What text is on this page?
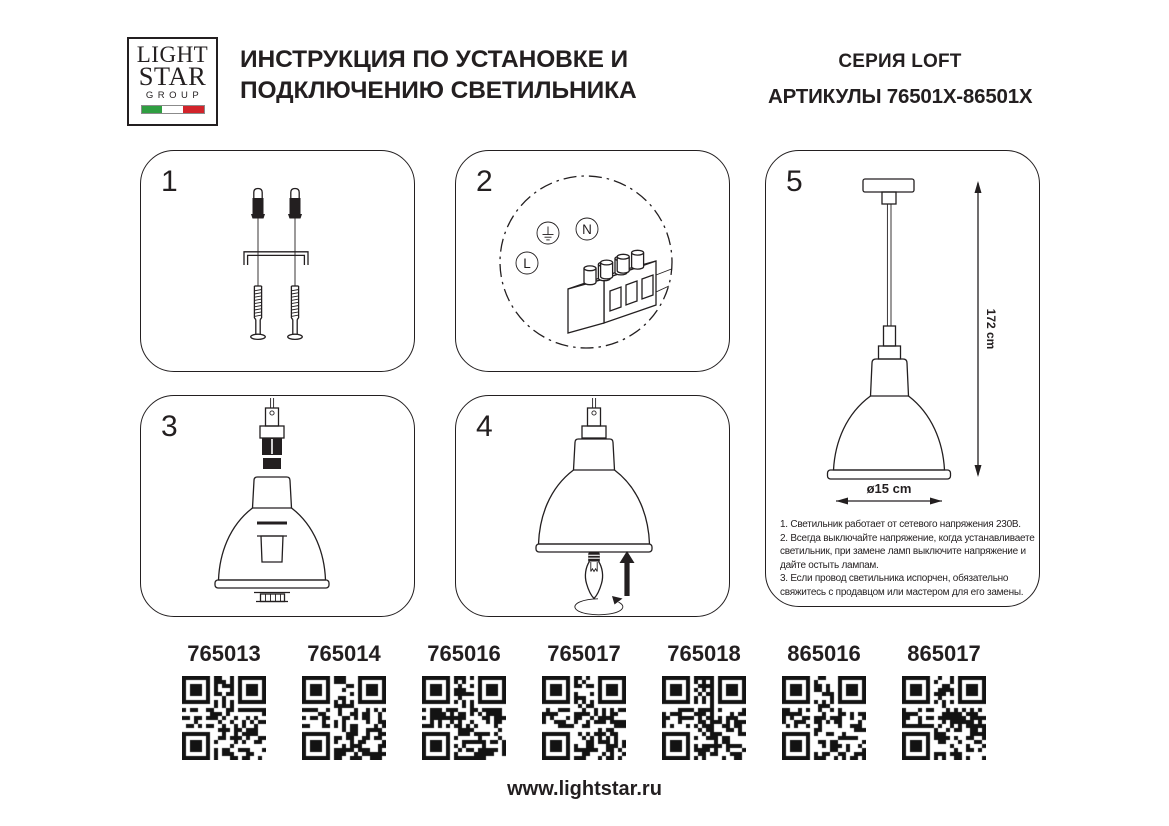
LIGHT
STAR
GROUP
ИНСТРУКЦИЯ ПО УСТАНОВКЕ И
ПОДКЛЮЧЕНИЮ СВЕТИЛЬНИКА
СЕРИЯ LOFT
АРТИКУЛЫ 76501X-86501X
1	2
N
L
3	4
5
172 cm
ø15 cm
1. Светильник работает от сетевого напряжения 230В.
2. Всегда выключайте напряжение, когда устанавливаете светильник, при замене ламп выключите напряжение и дайте остыть лампам.
3. Если провод светильника испорчен, обязательно свяжитесь с продавцом или мастером для его замены.
765013 765014 765016 765017 765018 865016 865017
www.lightstar.ru
